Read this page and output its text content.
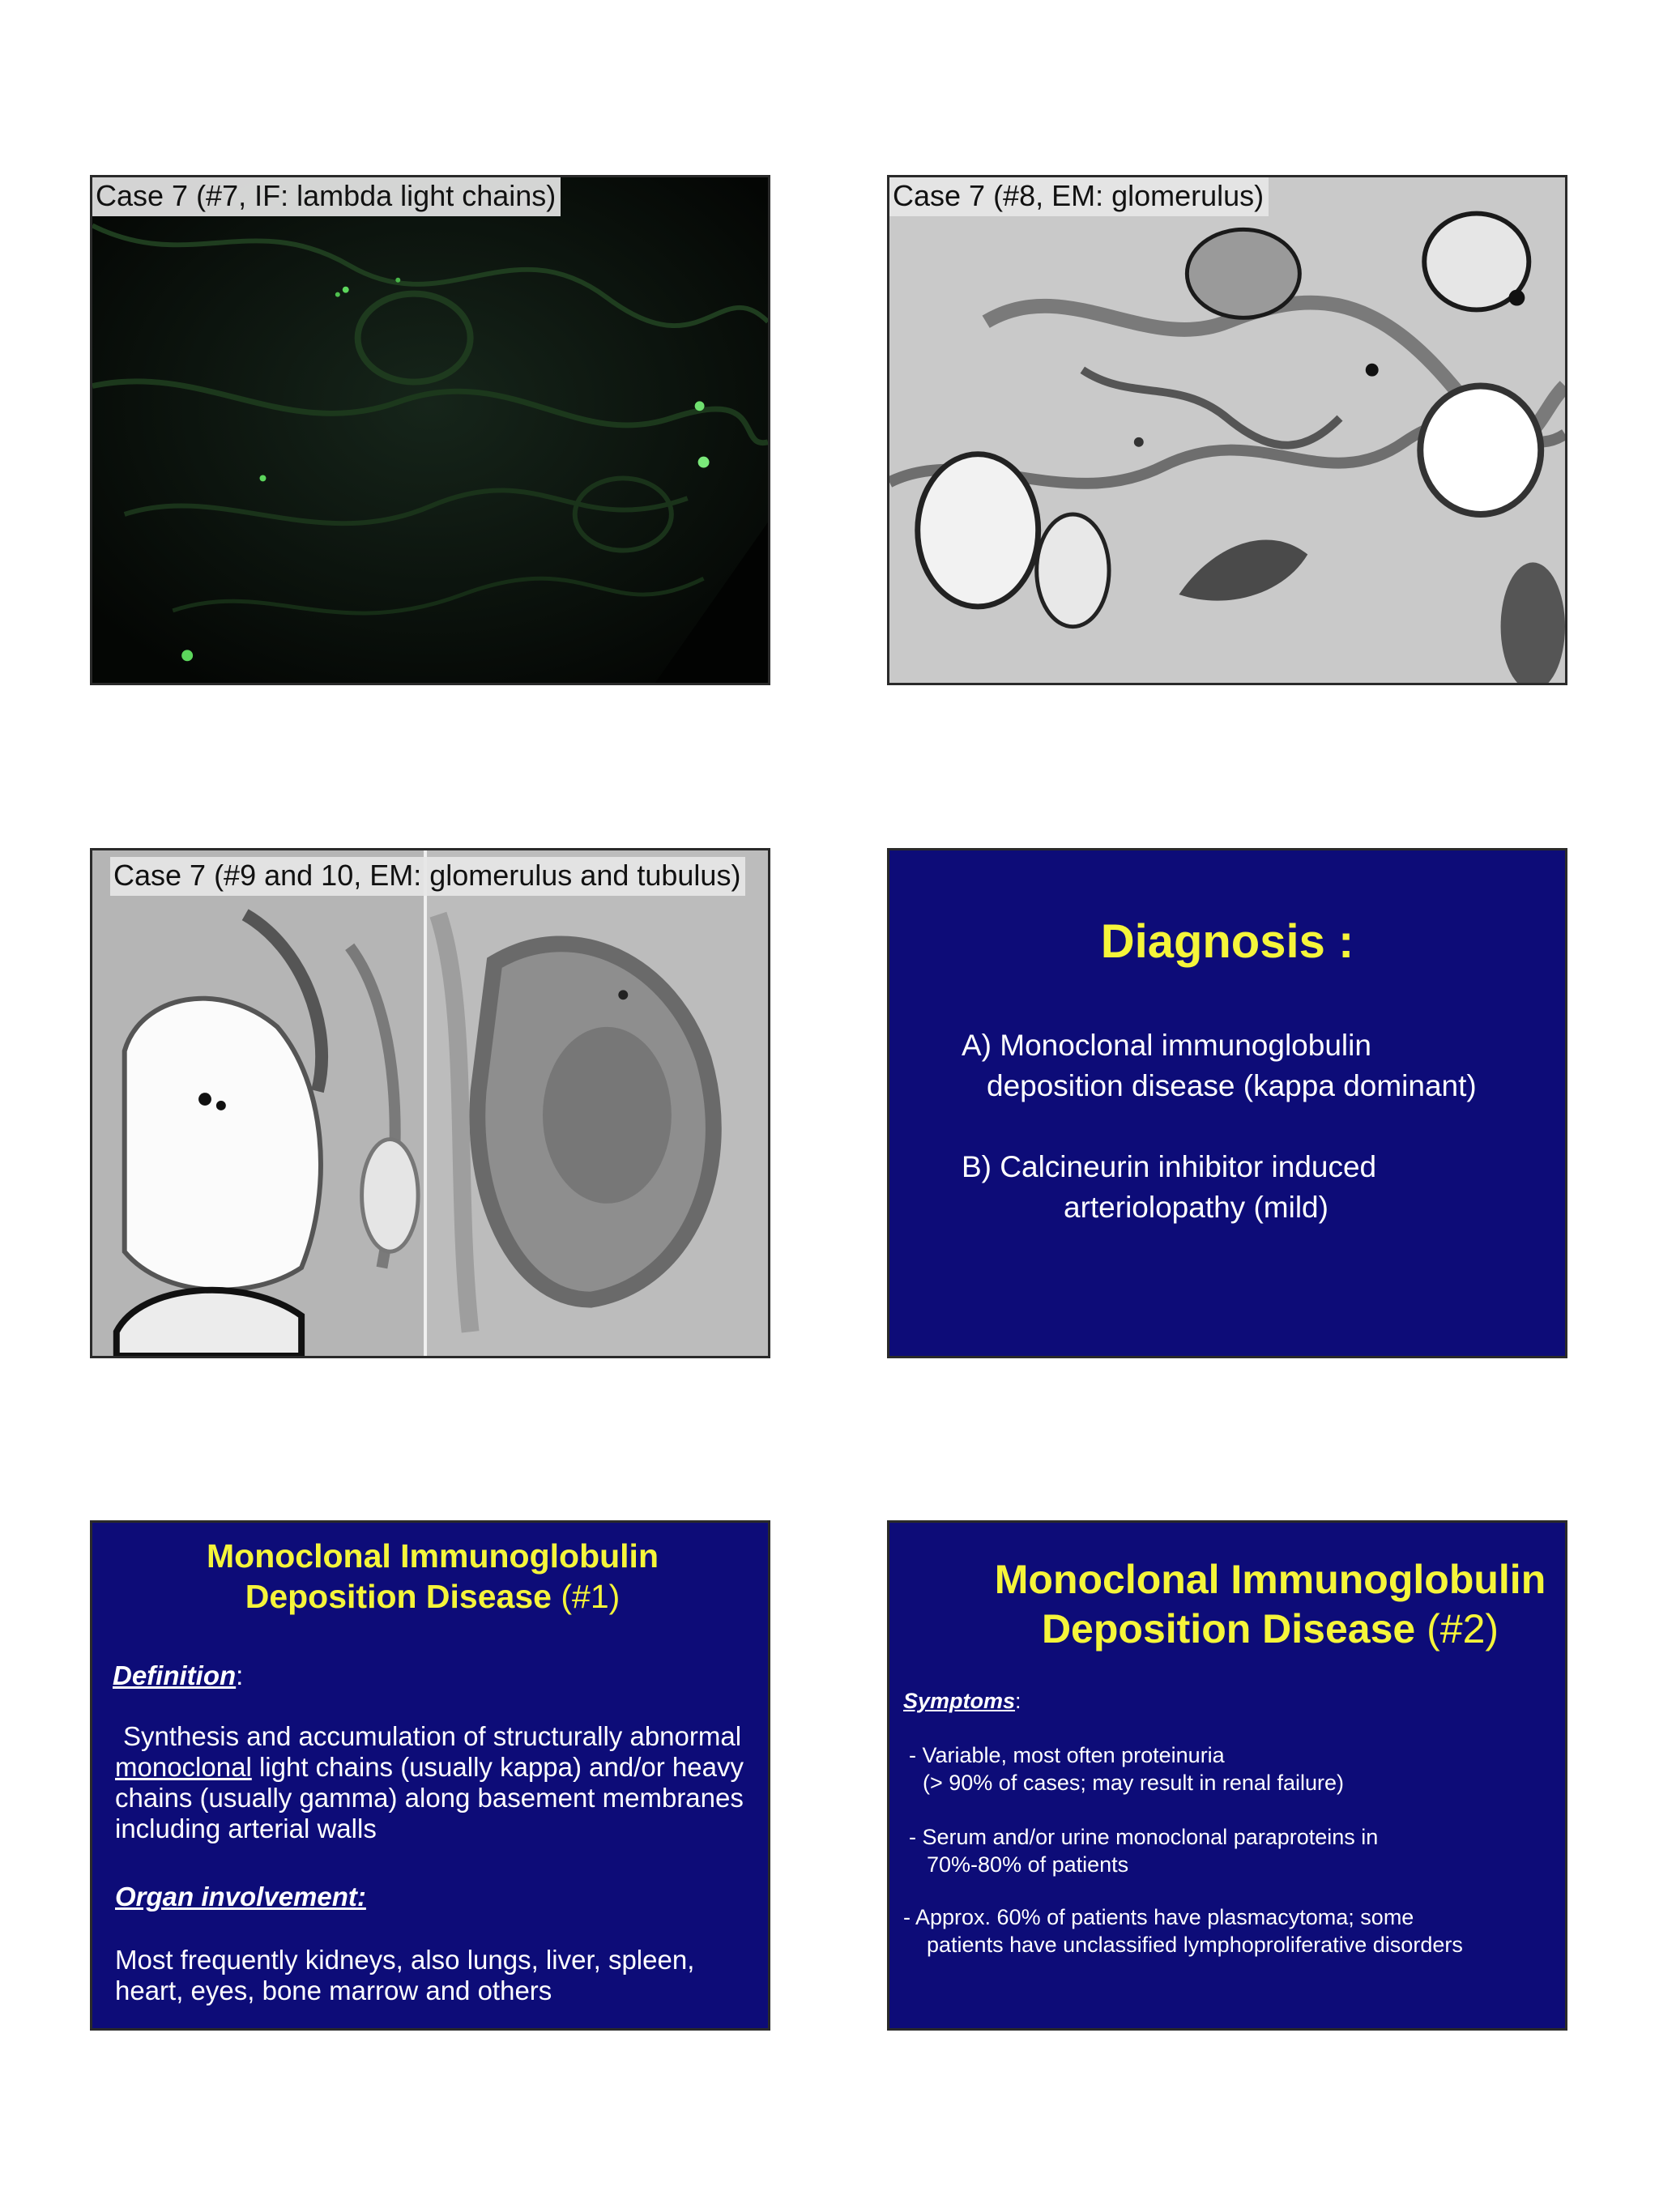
Case 7 (#7, IF: lambda light chains)	Case 7 (#8, EM: glomerulus)
Case 7 (#9 and 10, EM: glomerulus and tubulus)
Diagnosis :
A) Monoclonal immunoglobulin
deposition disease (kappa dominant)
B) Calcineurin inhibitor induced
arteriolopathy (mild)
Monoclonal Immunoglobulin
Deposition Disease (#1)
Definition:
Synthesis and accumulation of structurally abnormal
monoclonal light chains (usually kappa) and/or heavy
chains (usually gamma) along basement membranes
including arterial walls
Organ involvement:
Most frequently kidneys, also lungs, liver, spleen,
heart, eyes, bone marrow and others
Monoclonal Immunoglobulin
Deposition Disease (#2)
Symptoms:
- Variable, most often proteinuria
(> 90% of cases; may result in renal failure)
- Serum and/or urine monoclonal paraproteins in
70%-80% of patients
- Approx. 60% of patients have plasmacytoma; some
patients have unclassified lymphoproliferative disorders
